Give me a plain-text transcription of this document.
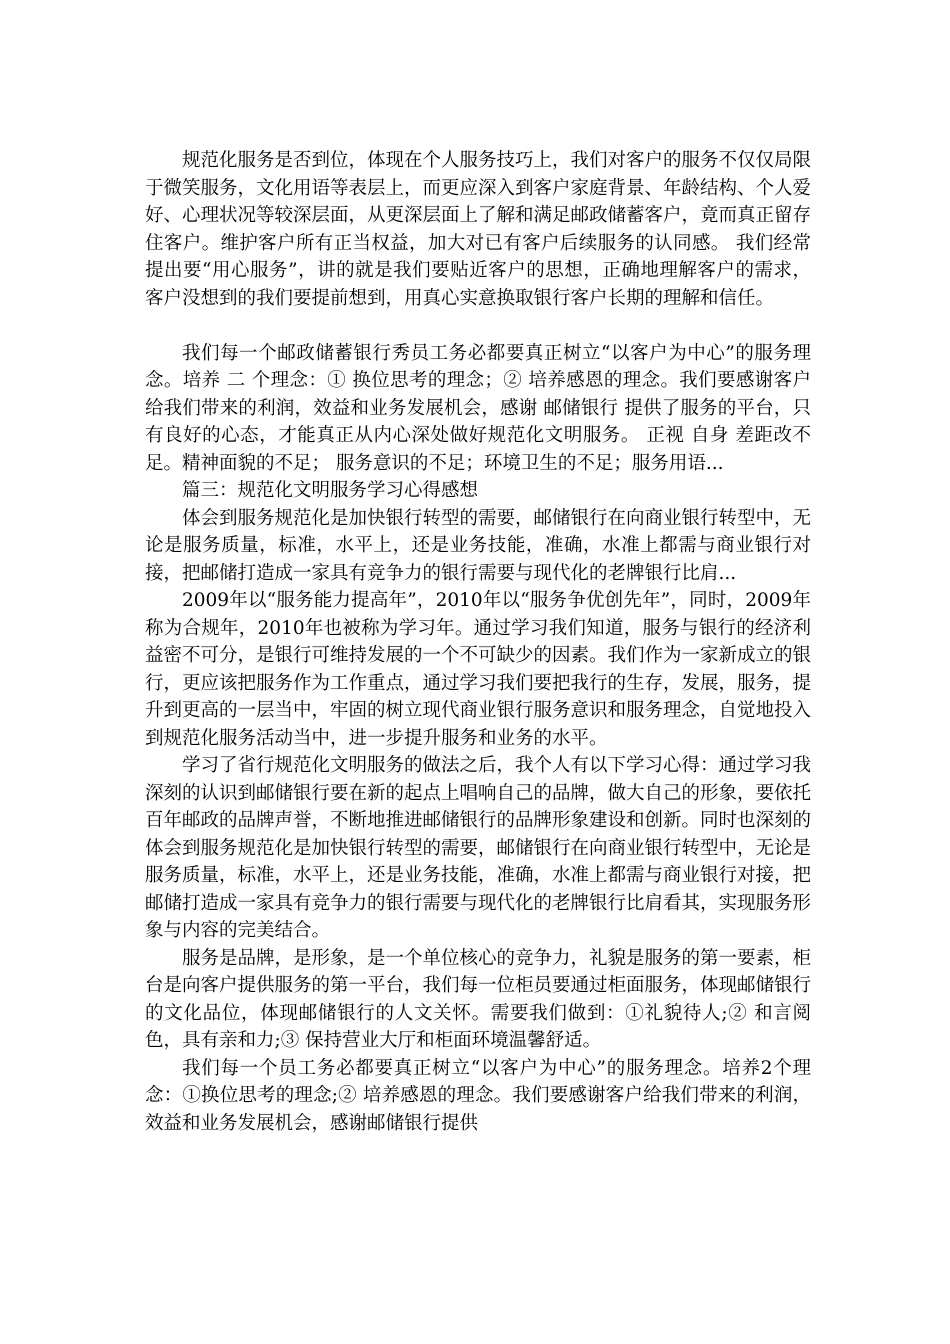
规范化服务是否到位，体现在个人服务技巧上，我们对客户的服务不仅仅局限于微笑服务，文化用语等表层上，而更应深入到客户家庭背景、年龄结构、个人爱好、心理状况等较深层面，从更深层面上了解和满足邮政储蓄客户，竟而真正留存住客户。维护客户所有正当权益，加大对已有客户后续服务的认同感。 我们经常提出要“用心服务”，讲的就是我们要贴近客户的思想，正确地理解客户的需求，客户没想到的我们要提前想到，用真心实意换取银行客户长期的理解和信任。

我们每一个邮政储蓄银行秀员工务必都要真正树立“以客户为中心”的服务理念。培养 二 个理念：① 换位思考的理念；② 培养感恩的理念。我们要感谢客户给我们带来的利润，效益和业务发展机会，感谢 邮储银行 提供了服务的平台，只有良好的心态，才能真正从内心深处做好规范化文明服务。 正视 自身 差距改不足。精神面貌的不足； 服务意识的不足；环境卫生的不足；服务用语...

篇三：规范化文明服务学习心得感想

体会到服务规范化是加快银行转型的需要，邮储银行在向商业银行转型中，无论是服务质量，标准，水平上，还是业务技能，准确，水准上都需与商业银行对接，把邮储打造成一家具有竞争力的银行需要与现代化的老牌银行比肩...

2009年以“服务能力提高年”，2010年以“服务争优创先年”，同时，2009年称为合规年，2010年也被称为学习年。通过学习我们知道，服务与银行的经济利益密不可分，是银行可维持发展的一个不可缺少的因素。我们作为一家新成立的银行，更应该把服务作为工作重点，通过学习我们要把我行的生存，发展，服务，提升到更高的一层当中，牢固的树立现代商业银行服务意识和服务理念，自觉地投入到规范化服务活动当中，进一步提升服务和业务的水平。

学习了省行规范化文明服务的做法之后，我个人有以下学习心得：通过学习我深刻的认识到邮储银行要在新的起点上唱响自己的品牌，做大自己的形象，要依托百年邮政的品牌声誉，不断地推进邮储银行的品牌形象建设和创新。同时也深刻的体会到服务规范化是加快银行转型的需要，邮储银行在向商业银行转型中，无论是服务质量，标准，水平上，还是业务技能，准确，水准上都需与商业银行对接，把邮储打造成一家具有竞争力的银行需要与现代化的老牌银行比肩看其，实现服务形象与内容的完美结合。

服务是品牌，是形象，是一个单位核心的竞争力，礼貌是服务的第一要素，柜台是向客户提供服务的第一平台，我们每一位柜员要通过柜面服务，体现邮储银行的文化品位，体现邮储银行的人文关怀。需要我们做到：①礼貌待人;② 和言阅色，具有亲和力;③ 保持营业大厅和柜面环境温馨舒适。

我们每一个员工务必都要真正树立“以客户为中心”的服务理念。培养2个理念：①换位思考的理念;② 培养感恩的理念。我们要感谢客户给我们带来的利润，效益和业务发展机会，感谢邮储银行提供
